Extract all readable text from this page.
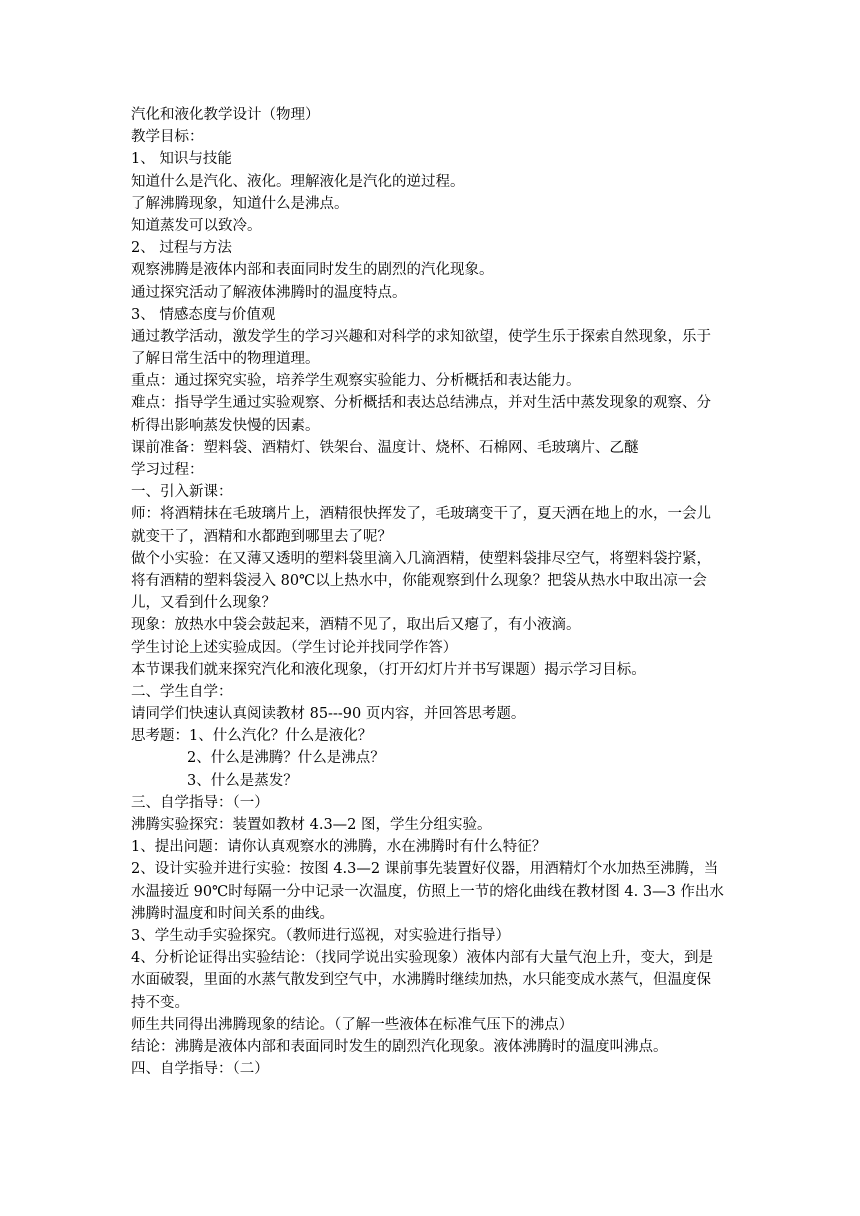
汽化和液化教学设计（物理）
教学目标：
1、 知识与技能
知道什么是汽化、液化。理解液化是汽化的逆过程。
了解沸腾现象，知道什么是沸点。
知道蒸发可以致冷。
2、 过程与方法
观察沸腾是液体内部和表面同时发生的剧烈的汽化现象。
通过探究活动了解液体沸腾时的温度特点。
3、 情感态度与价值观
通过教学活动，激发学生的学习兴趣和对科学的求知欲望，使学生乐于探索自然现象，乐于
了解日常生活中的物理道理。
重点：通过探究实验，培养学生观察实验能力、分析概括和表达能力。
难点：指导学生通过实验观察、分析概括和表达总结沸点，并对生活中蒸发现象的观察、分
析得出影响蒸发快慢的因素。
课前准备：塑料袋、酒精灯、铁架台、温度计、烧杯、石棉网、毛玻璃片、乙醚
学习过程：
一、引入新课：
师：将酒精抹在毛玻璃片上，酒精很快挥发了，毛玻璃变干了，夏天洒在地上的水，一会儿
就变干了，酒精和水都跑到哪里去了呢？
做个小实验：在又薄又透明的塑料袋里滴入几滴酒精，使塑料袋排尽空气，将塑料袋拧紧，
将有酒精的塑料袋浸入 80℃以上热水中，你能观察到什么现象？把袋从热水中取出凉一会
儿，又看到什么现象？
现象：放热水中袋会鼓起来，酒精不见了，取出后又瘪了，有小液滴。
学生讨论上述实验成因。（学生讨论并找同学作答）
本节课我们就来探究汽化和液化现象，（打开幻灯片并书写课题）揭示学习目标。
二、学生自学：
请同学们快速认真阅读教材 85---90 页内容，并回答思考题。
思考题：1、什么汽化？什么是液化？
2、什么是沸腾？什么是沸点？
3、什么是蒸发？
三、自学指导：（一）
沸腾实验探究：装置如教材 4.3—2 图，学生分组实验。
1、提出问题：请你认真观察水的沸腾，水在沸腾时有什么特征？
2、设计实验并进行实验：按图 4.3—2 课前事先装置好仪器，用酒精灯个水加热至沸腾，当
水温接近 90℃时每隔一分中记录一次温度，仿照上一节的熔化曲线在教材图 4. 3—3 作出水
沸腾时温度和时间关系的曲线。
3、学生动手实验探究。（教师进行巡视，对实验进行指导）
4、分析论证得出实验结论：（找同学说出实验现象）液体内部有大量气泡上升，变大，到是
水面破裂，里面的水蒸气散发到空气中，水沸腾时继续加热，水只能变成水蒸气，但温度保
持不变。
师生共同得出沸腾现象的结论。（了解一些液体在标准气压下的沸点）
结论：沸腾是液体内部和表面同时发生的剧烈汽化现象。液体沸腾时的温度叫沸点。
四、自学指导：（二）
